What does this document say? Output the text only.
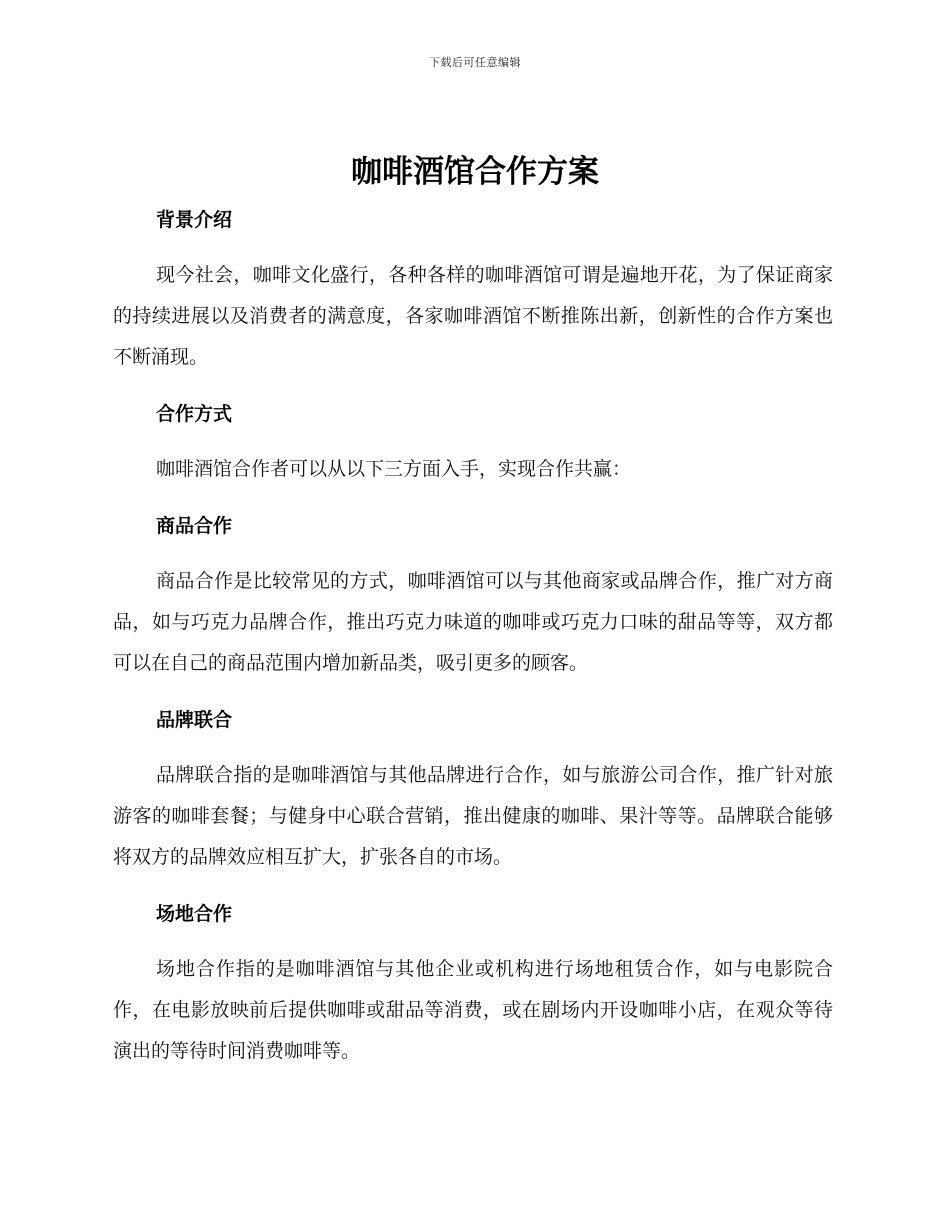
下载后可任意编辑
咖啡酒馆合作方案
背景介绍

现今社会，咖啡文化盛行，各种各样的咖啡酒馆可谓是遍地开花，为了保证商家的持续进展以及消费者的满意度，各家咖啡酒馆不断推陈出新，创新性的合作方案也不断涌现。

合作方式

咖啡酒馆合作者可以从以下三方面入手，实现合作共赢：

商品合作

商品合作是比较常见的方式，咖啡酒馆可以与其他商家或品牌合作，推广对方商品，如与巧克力品牌合作，推出巧克力味道的咖啡或巧克力口味的甜品等等，双方都可以在自己的商品范围内增加新品类，吸引更多的顾客。

品牌联合

品牌联合指的是咖啡酒馆与其他品牌进行合作，如与旅游公司合作，推广针对旅游客的咖啡套餐；与健身中心联合营销，推出健康的咖啡、果汁等等。品牌联合能够将双方的品牌效应相互扩大，扩张各自的市场。

场地合作

场地合作指的是咖啡酒馆与其他企业或机构进行场地租赁合作，如与电影院合作，在电影放映前后提供咖啡或甜品等消费，或在剧场内开设咖啡小店，在观众等待演出的等待时间消费咖啡等。
